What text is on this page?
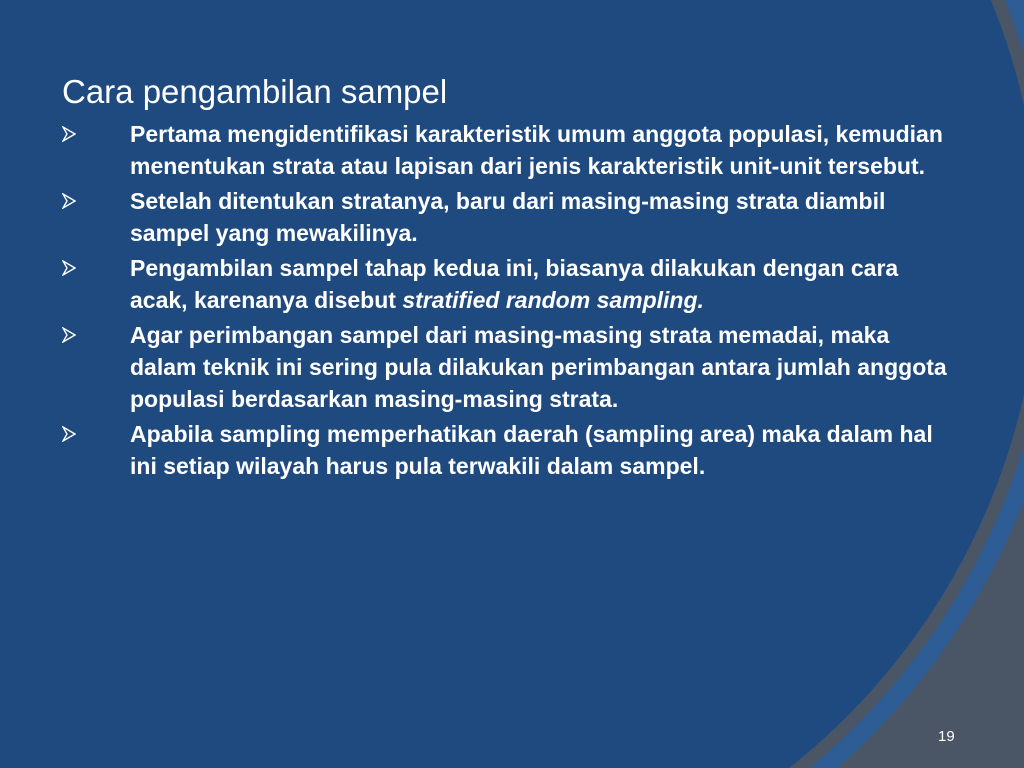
Cara pengambilan sampel
Pertama mengidentifikasi karakteristik umum anggota populasi, kemudian menentukan strata atau lapisan dari jenis karakteristik unit-unit tersebut.
Setelah ditentukan stratanya, baru dari masing-masing strata diambil sampel yang mewakilinya.
Pengambilan sampel tahap kedua ini, biasanya dilakukan dengan cara acak, karenanya disebut stratified random sampling.
Agar perimbangan sampel dari masing-masing strata memadai, maka dalam teknik ini sering pula dilakukan perimbangan antara jumlah anggota populasi berdasarkan masing-masing strata.
Apabila sampling memperhatikan daerah (sampling area) maka dalam hal ini setiap wilayah harus pula terwakili dalam sampel.
19
